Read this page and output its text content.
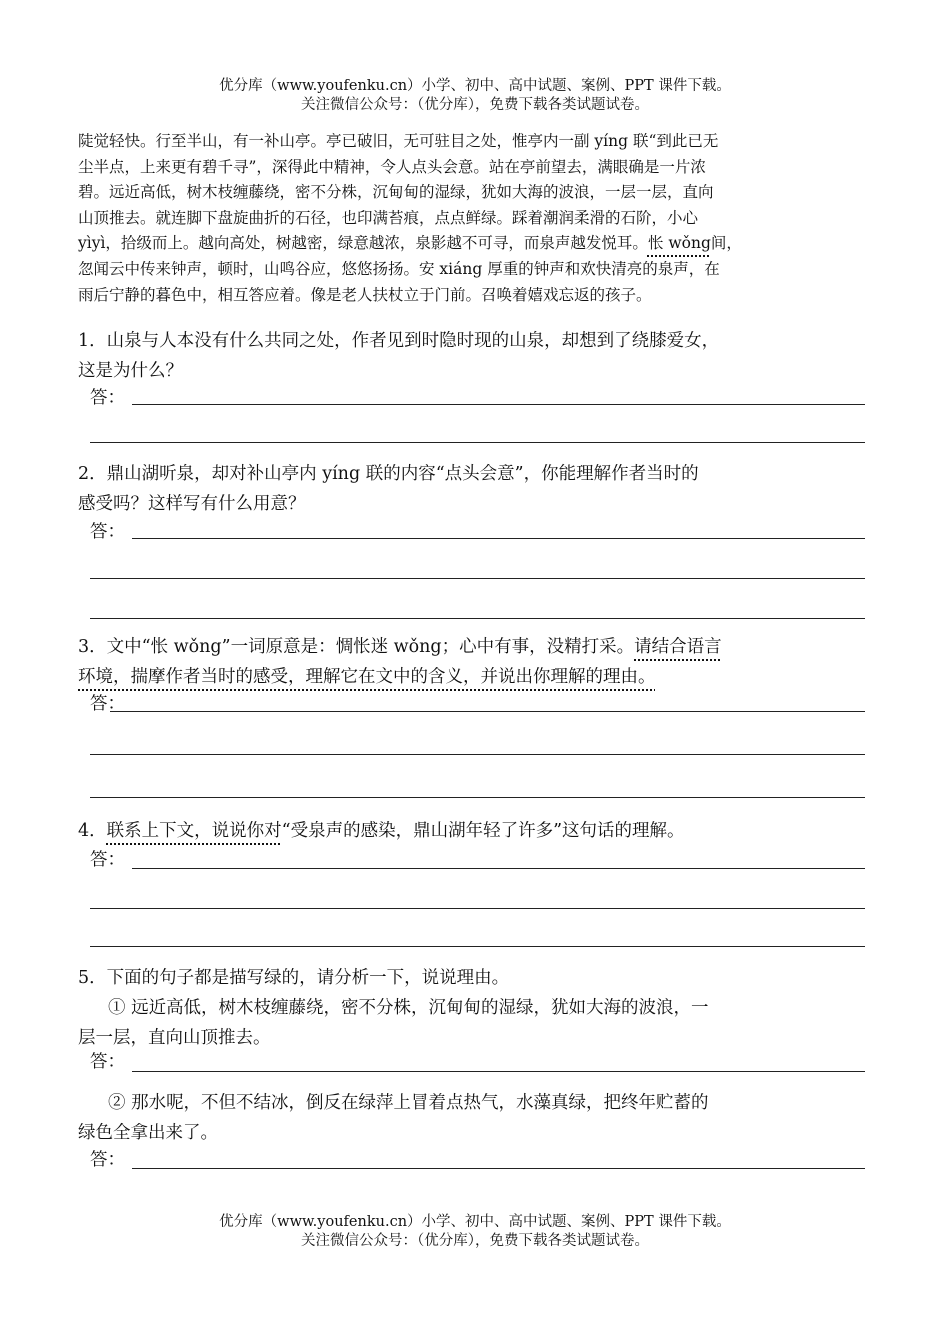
优分库（www.youfenku.cn）小学、初中、高中试题、案例、PPT 课件下载。
关注微信公众号：（优分库），免费下载各类试题试卷。
陡觉轻快。行至半山，有一补山亭。亭已破旧，无可驻目之处，惟亭内一副 yíng 联“到此已无
尘半点，上来更有碧千寻”，深得此中精神，令人点头会意。站在亭前望去，满眼确是一片浓
碧。远近高低，树木枝缠藤绕，密不分株，沉甸甸的湿绿，犹如大海的波浪，一层一层，直向
山顶推去。就连脚下盘旋曲折的石径，也印满苔痕，点点鲜绿。踩着潮润柔滑的石阶，小心
yìyì，拾级而上。越向高处，树越密，绿意越浓，泉影越不可寻，而泉声越发悦耳。怅 wǒng间，
忽闻云中传来钟声，顿时，山鸣谷应，悠悠扬扬。安 xiáng 厚重的钟声和欢快清亮的泉声，在
雨后宁静的暮色中，相互答应着。像是老人扶杖立于门前。召唤着嬉戏忘返的孩子。
1．山泉与人本没有什么共同之处，作者见到时隐时现的山泉，却想到了绕膝爱女，
这是为什么？
答：
2．鼎山湖听泉，却对补山亭内 yíng 联的内容“点头会意”，你能理解作者当时的
感受吗？这样写有什么用意？
答：
3．文中“怅 wǒng”一词原意是：惆怅迷 wǒng；心中有事，没精打采。请结合语言
环境，揣摩作者当时的感受，理解它在文中的含义，并说出你理解的理由。
答：
4．联系上下文，说说你对“受泉声的感染，鼎山湖年轻了许多”这句话的理解。
答：
5．下面的句子都是描写绿的，请分析一下，说说理由。
① 远近高低，树木枝缠藤绕，密不分株，沉甸甸的湿绿，犹如大海的波浪，一
层一层，直向山顶推去。
答：
② 那水呢，不但不结冰，倒反在绿萍上冒着点热气，水藻真绿，把终年贮蓄的
绿色全拿出来了。
答：
优分库（www.youfenku.cn）小学、初中、高中试题、案例、PPT 课件下载。
关注微信公众号：（优分库），免费下载各类试题试卷。
